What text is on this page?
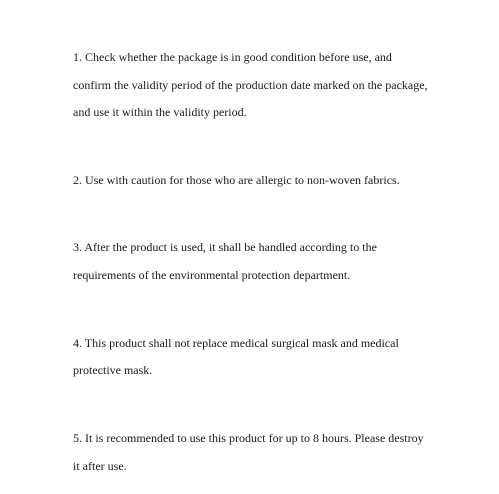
1. Check whether the package is in good condition before use, and
confirm the validity period of the production date marked on the package,
and use it within the validity period.
2. Use with caution for those who are allergic to non-woven fabrics.
3. After the product is used, it shall be handled according to the
requirements of the environmental protection department.
4. This product shall not replace medical surgical mask and medical
protective mask.
5. It is recommended to use this product for up to 8 hours. Please destroy
it after use.
